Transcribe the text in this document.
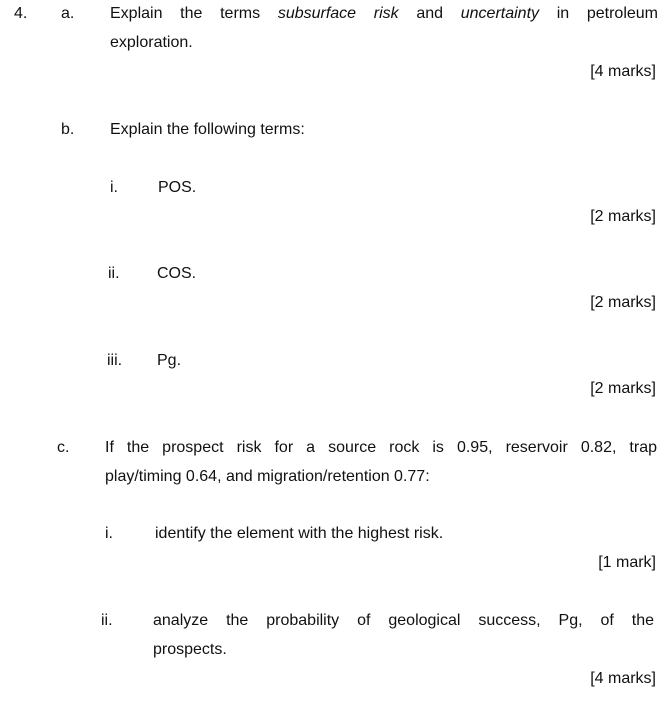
4. a. Explain the terms subsurface risk and uncertainty in petroleum
exploration.
[4 marks]
b. Explain the following terms:
i.	POS.
[2 marks]
ii. COS.
[2 marks]
iii. Pg.
[2 marks]
c. If the prospect risk for a source rock is 0.95, reservoir 0.82, trap
play/timing 0.64, and migration/retention 0.77:
i.	identify the element with the highest risk.
[1 mark]
ii.	analyze the probability of geological success, Pg, of the
prospects.
[4 marks]
